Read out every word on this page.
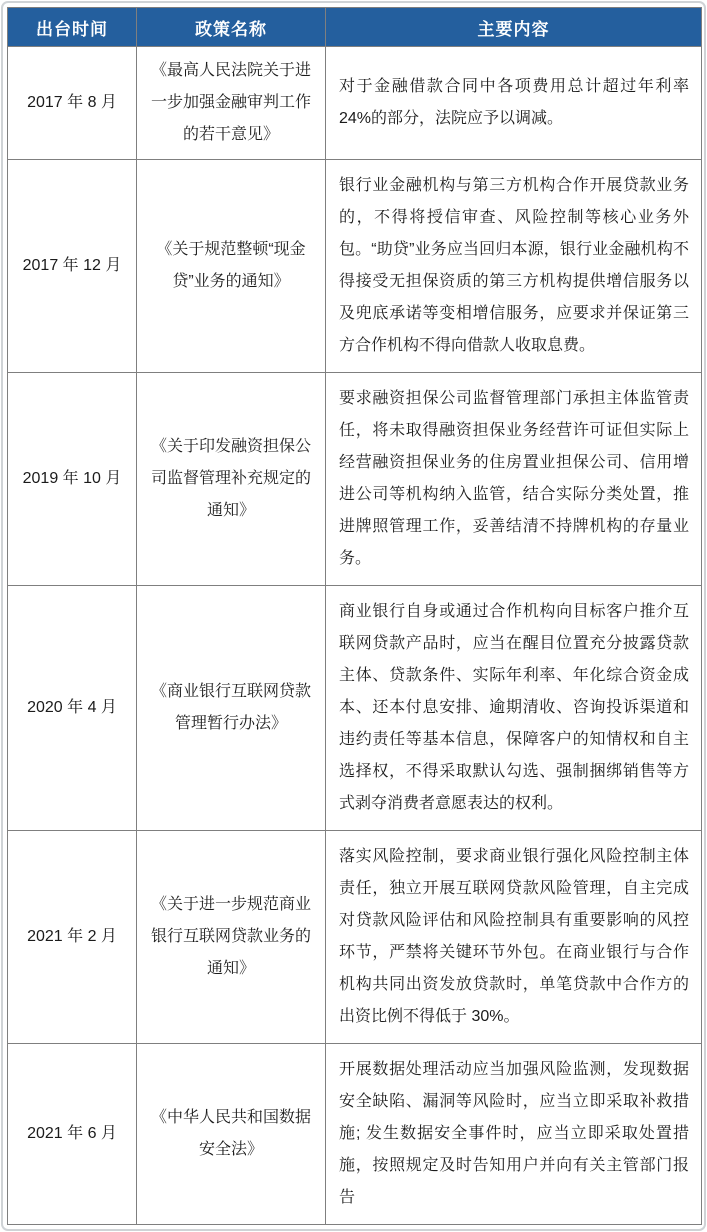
出台时间	政策名称	主要内容
2017 年 8 月	《最高人民法院关于进一步加强金融审判工作的若干意见》	对于金融借款合同中各项费用总计超过年利率 24%的部分，法院应予以调减。
2017 年 12 月	《关于规范整顿“现金贷”业务的通知》	银行业金融机构与第三方机构合作开展贷款业务的，不得将授信审查、风险控制等核心业务外包。“助贷”业务应当回归本源，银行业金融机构不得接受无担保资质的第三方机构提供增信服务以及兜底承诺等变相增信服务，应要求并保证第三方合作机构不得向借款人收取息费。
2019 年 10 月	《关于印发融资担保公司监督管理补充规定的通知》	要求融资担保公司监督管理部门承担主体监管责任，将未取得融资担保业务经营许可证但实际上经营融资担保业务的住房置业担保公司、信用增进公司等机构纳入监管，结合实际分类处置，推进牌照管理工作，妥善结清不持牌机构的存量业务。
2020 年 4 月	《商业银行互联网贷款管理暂行办法》	商业银行自身或通过合作机构向目标客户推介互联网贷款产品时，应当在醒目位置充分披露贷款主体、贷款条件、实际年利率、年化综合资金成本、还本付息安排、逾期清收、咨询投诉渠道和违约责任等基本信息，保障客户的知情权和自主选择权，不得采取默认勾选、强制捆绑销售等方式剥夺消费者意愿表达的权利。
2021 年 2 月	《关于进一步规范商业银行互联网贷款业务的通知》	落实风险控制，要求商业银行强化风险控制主体责任，独立开展互联网贷款风险管理，自主完成对贷款风险评估和风险控制具有重要影响的风控环节，严禁将关键环节外包。在商业银行与合作机构共同出资发放贷款时，单笔贷款中合作方的出资比例不得低于 30%。
2021 年 6 月	《中华人民共和国数据安全法》	开展数据处理活动应当加强风险监测，发现数据安全缺陷、漏洞等风险时，应当立即采取补救措施; 发生数据安全事件时，应当立即采取处置措施，按照规定及时告知用户并向有关主管部门报告
